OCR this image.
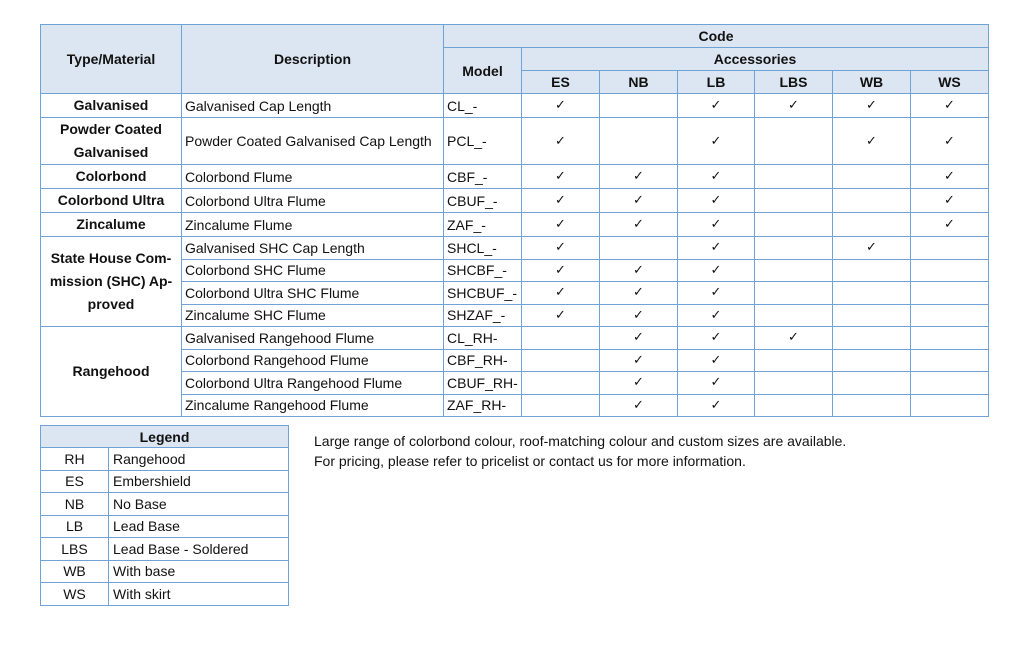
Type/Material	Description	Code						
		Model	Accessories					
			ES	NB	LB	LBS	WB	WS
Galvanised	Galvanised Cap Length	CL_-	✓		✓	✓	✓	✓
Powder Coated Galvanised	Powder Coated Galvanised Cap Length	PCL_-	✓		✓		✓	✓
Colorbond	Colorbond Flume	CBF_-	✓	✓	✓			✓
Colorbond Ultra	Colorbond Ultra Flume	CBUF_-	✓	✓	✓			✓
Zincalume	Zincalume Flume	ZAF_-	✓	✓	✓			✓
State House Com-mission (SHC) Ap-proved	Galvanised SHC Cap Length	SHCL_-	✓		✓		✓	
	Colorbond SHC Flume	SHCBF_-	✓	✓	✓			
	Colorbond Ultra SHC Flume	SHCBUF_-	✓	✓	✓			
	Zincalume SHC Flume	SHZAF_-	✓	✓	✓			
Rangehood	Galvanised Rangehood Flume	CL_RH-		✓	✓	✓		
	Colorbond Rangehood Flume	CBF_RH-		✓	✓			
	Colorbond Ultra Rangehood Flume	CBUF_RH-		✓	✓			
	Zincalume Rangehood Flume	ZAF_RH-		✓	✓			
Legend	
RH	Rangehood
ES	Embershield
NB	No Base
LB	Lead Base
LBS	Lead Base - Soldered
WB	With base
WS	With skirt

Large range of colorbond colour, roof-matching colour and custom sizes are available.

For pricing, please refer to pricelist or contact us for more information.
